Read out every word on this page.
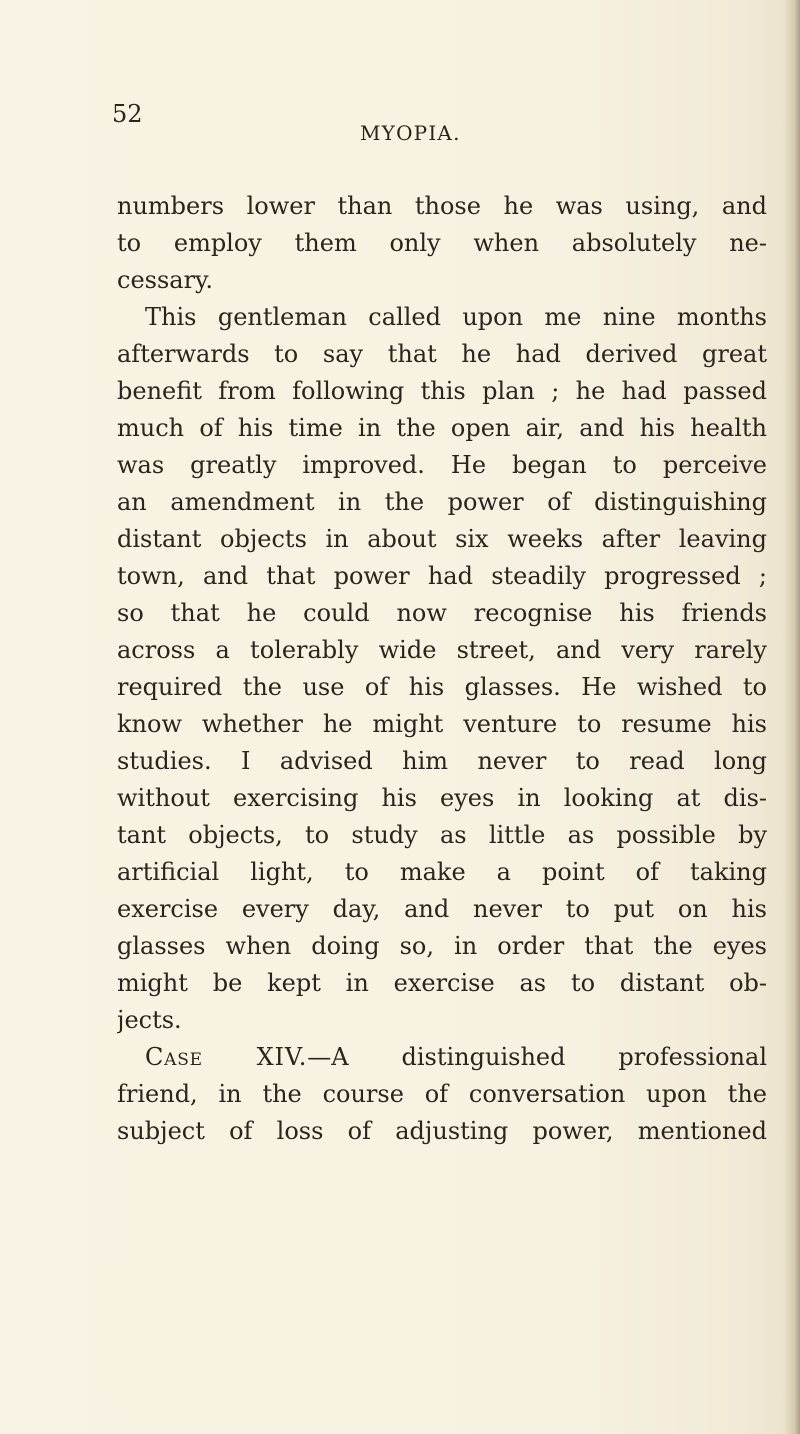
52
MYOPIA.
numbers lower than those he was using, and
to employ them only when absolutely ne-
cessary.
This gentleman called upon me nine months
afterwards to say that he had derived great
benefit from following this plan ; he had passed
much of his time in the open air, and his health
was greatly improved. He began to perceive
an amendment in the power of distinguishing
distant objects in about six weeks after leaving
town, and that power had steadily progressed ;
so that he could now recognise his friends
across a tolerably wide street, and very rarely
required the use of his glasses. He wished to
know whether he might venture to resume his
studies. I advised him never to read long
without exercising his eyes in looking at dis-
tant objects, to study as little as possible by
artificial light, to make a point of taking
exercise every day, and never to put on his
glasses when doing so, in order that the eyes
might be kept in exercise as to distant ob-
jects.
Case XIV.—A distinguished professional
friend, in the course of conversation upon the
subject of loss of adjusting power, mentioned
